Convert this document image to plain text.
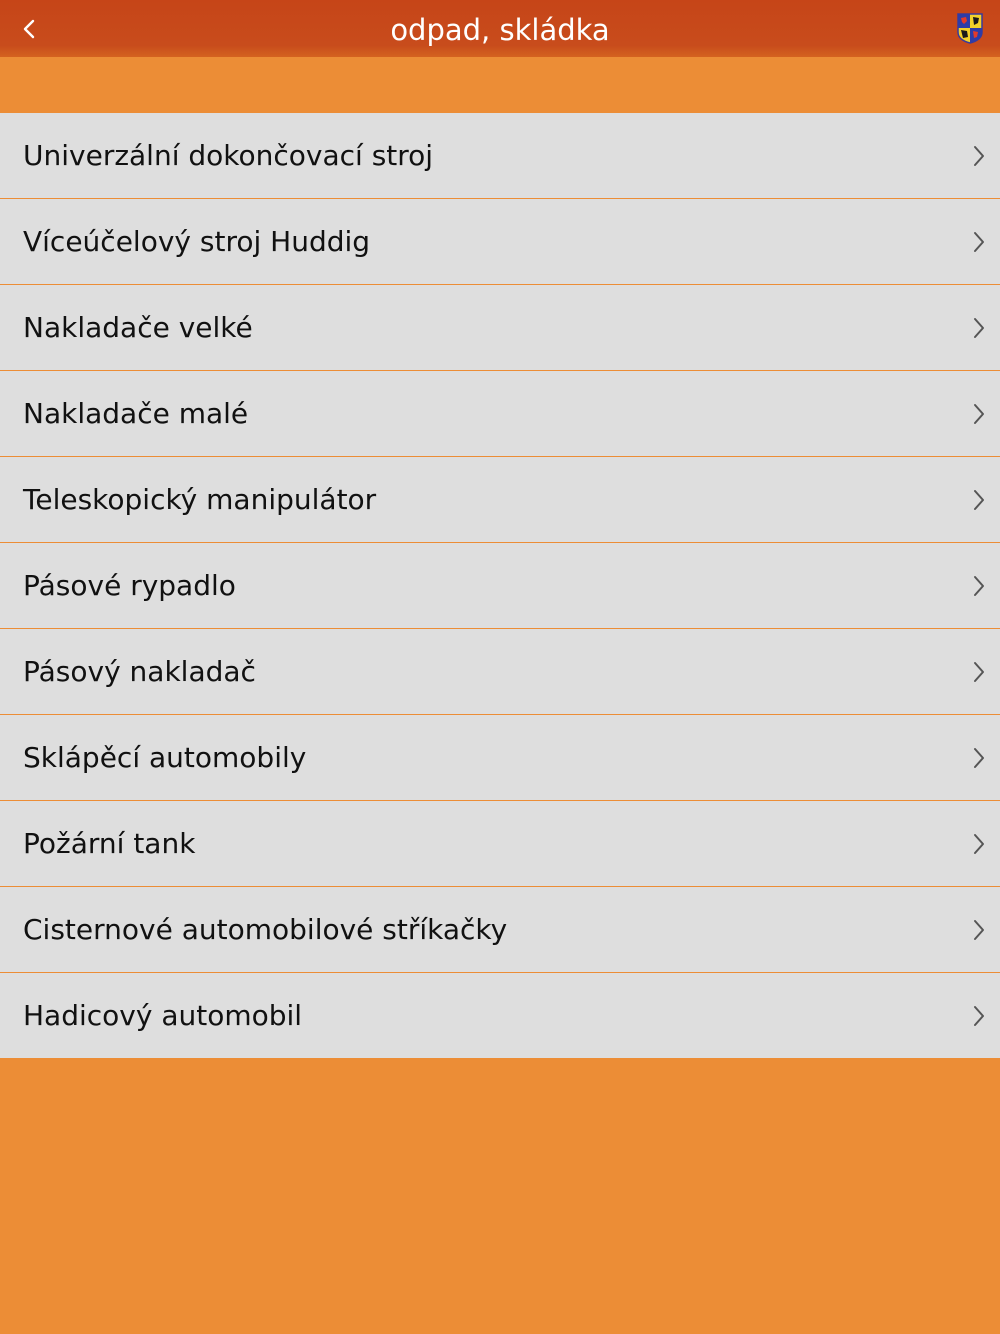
odpad, skládka
Univerzální dokončovací stroj
Víceúčelový stroj Huddig
Nakladače velké
Nakladače malé
Teleskopický manipulátor
Pásové rypadlo
Pásový nakladač
Sklápěcí automobily
Požární tank
Cisternové automobilové stříkačky
Hadicový automobil
